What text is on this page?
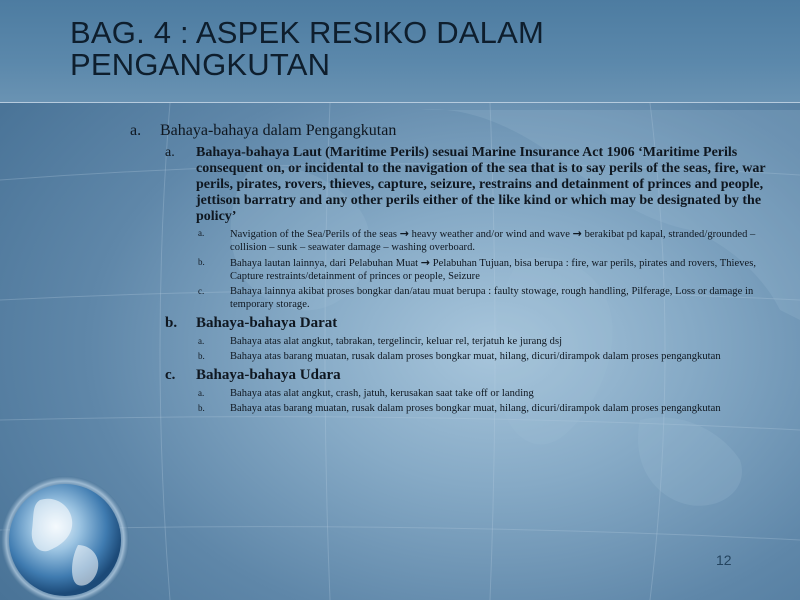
BAG. 4 : ASPEK RESIKO DALAM
PENGANGKUTAN
a.	Bahaya-bahaya dalam Pengangkutan
a.	Bahaya-bahaya Laut (Maritime Perils) sesuai Marine Insurance Act 1906 ‘Maritime Perils consequent on, or incidental to the navigation of the sea that is to say perils of the seas, fire, war perils, pirates, rovers, thieves, capture, seizure, restrains and detainment of princes and people, jettison barratry and any other perils either of the like kind or which may be designated by the policy’
a.	Navigation of the Sea/Perils of the seas → heavy weather and/or wind and wave → berakibat pd kapal, stranded/grounded – collision – sunk – seawater damage – washing overboard.
b.	Bahaya lautan lainnya, dari Pelabuhan Muat → Pelabuhan Tujuan, bisa berupa : fire, war perils, pirates and rovers, Thieves, Capture restraints/detainment of princes or people, Seizure
c.	Bahaya lainnya akibat proses bongkar dan/atau muat berupa : faulty stowage, rough handling, Pilferage, Loss or damage in temporary storage.
b.	Bahaya-bahaya Darat
a.	Bahaya atas alat angkut, tabrakan, tergelincir, keluar rel, terjatuh ke jurang dsj
b.	Bahaya atas barang muatan, rusak dalam proses bongkar muat, hilang, dicuri/dirampok dalam proses pengangkutan
c.	Bahaya-bahaya Udara
a.	Bahaya atas alat angkut, crash, jatuh, kerusakan saat take off or landing
b.	Bahaya atas barang muatan, rusak dalam proses bongkar muat, hilang, dicuri/dirampok dalam proses pengangkutan
12
